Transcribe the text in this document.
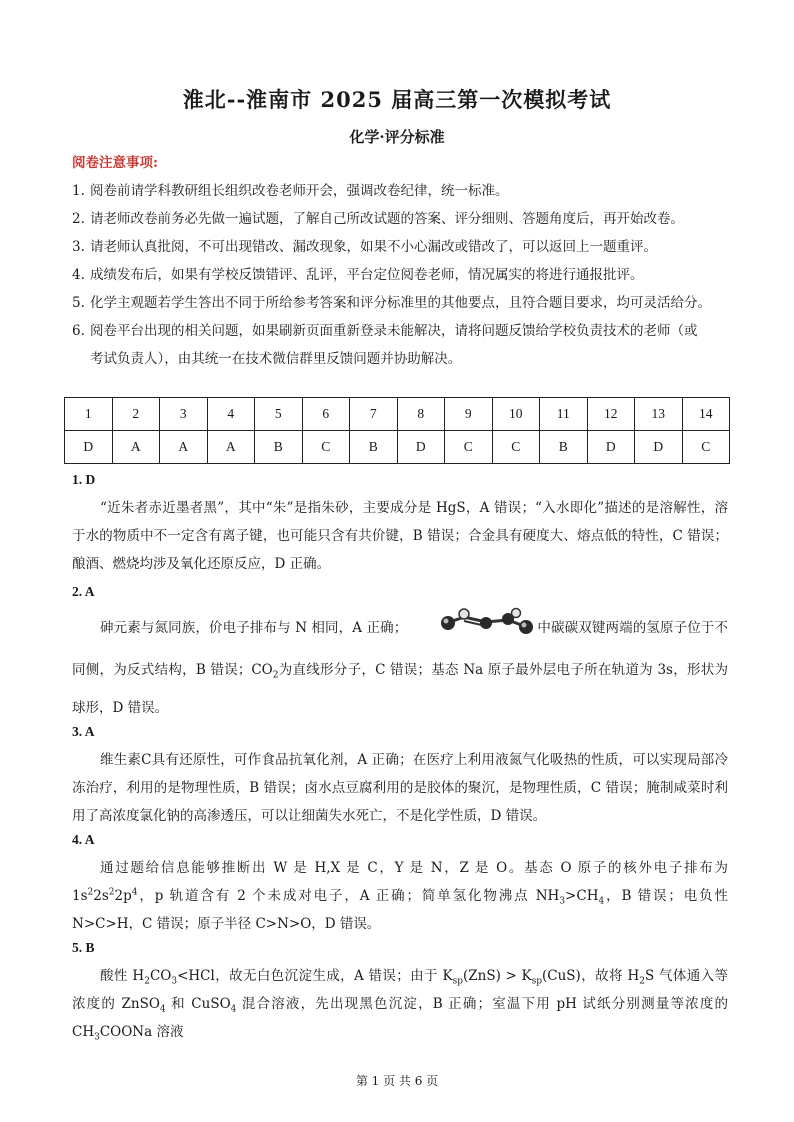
淮北--淮南市 2025 届高三第一次模拟考试
化学·评分标准
阅卷注意事项:
1. 阅卷前请学科教研组长组织改卷老师开会，强调改卷纪律，统一标准。
2. 请老师改卷前务必先做一遍试题，了解自己所改试题的答案、评分细则、答题角度后，再开始改卷。
3. 请老师认真批阅，不可出现错改、漏改现象，如果不小心漏改或错改了，可以返回上一题重评。
4. 成绩发布后，如果有学校反馈错评、乱评，平台定位阅卷老师，情况属实的将进行通报批评。
5. 化学主观题若学生答出不同于所给参考答案和评分标准里的其他要点，且符合题目要求，均可灵活给分。
6. 阅卷平台出现的相关问题，如果刷新页面重新登录未能解决，请将问题反馈给学校负责技术的老师（或
考试负责人），由其统一在技术微信群里反馈问题并协助解决。
1	2	3	4	5	6	7	8	9	10	11	12	13	14
D	A	A	A	B	C	B	D	C	C	B	D	D	C
1. D
“近朱者赤近墨者黑”，其中“朱”是指朱砂，主要成分是 HgS，A 错误；“入水即化”描述的是溶解性，溶于水的物质中不一定含有离子键，也可能只含有共价键，B 错误；合金具有硬度大、熔点低的特性，C 错误；酿酒、燃烧均涉及氧化还原反应，D 正确。
2. A
砷元素与氮同族，价电子排布与 N 相同，A 正确；	中碳碳双键两端的氢原子位于不同侧，为反式结构，B 错误；$CO_2$为直线形分子，C 错误；基态 Na 原子最外层电子所在轨道为 3s，形状为球形，D 错误。
3. A
维生素C具有还原性，可作食品抗氧化剂，A 正确；在医疗上利用液氮气化吸热的性质，可以实现局部冷冻治疗，利用的是物理性质，B 错误；卤水点豆腐利用的是胶体的聚沉，是物理性质，C 错误；腌制咸菜时利用了高浓度氯化钠的高渗透压，可以让细菌失水死亡，不是化学性质，D 错误。
4. A
通过题给信息能够推断出 W 是 H,X 是 C，Y 是 N，Z 是 O。基态 O 原子的核外电子排布为 $1s^22s^22p^4$，p 轨道含有 2 个未成对电子，A 正确；简单氢化物沸点 $NH_3>CH_4$，B 错误；电负性 N>C>H，C 错误；原子半径 C>N>O，D 错误。
5. B
酸性 $H_2CO_3<HCl$，故无白色沉淀生成，A 错误；由于 $K_{sp}(ZnS) > K_{sp}(CuS)$，故将 $H_2S$ 气体通入等浓度的 ZnSO$_4$ 和 CuSO$_4$ 混合溶液，先出现黑色沉淀，B 正确；室温下用 pH 试纸分别测量等浓度的 $CH_3COONa$ 溶液
第 1 页 共 6 页
